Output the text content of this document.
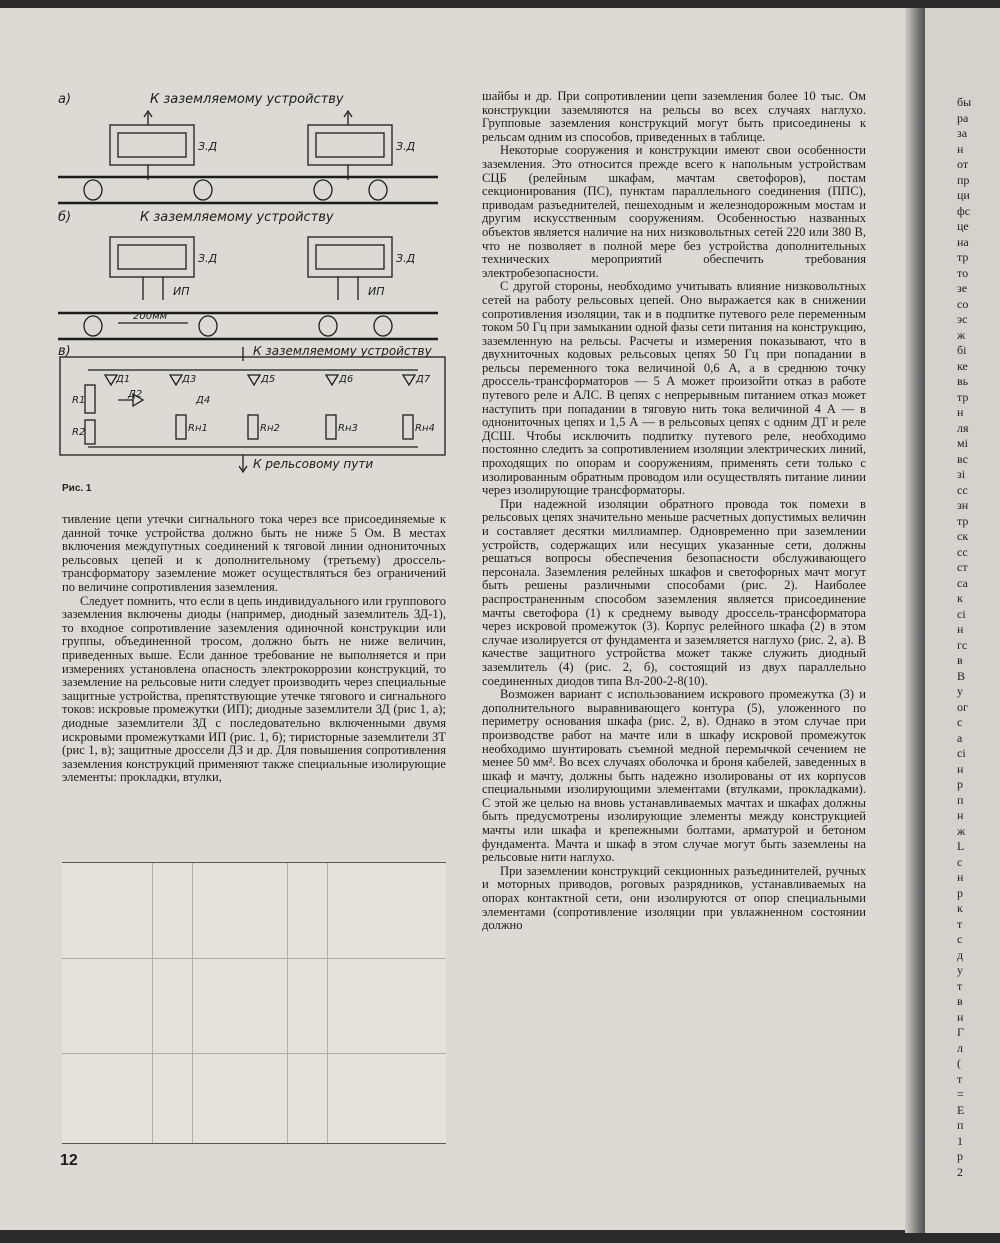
бы
ра
за
н
от
пр
ци
фс
це
на
тр
то
зе
со
эс
ж
бі
ке
вь
тр
н
ля
мі
вс
зі
сс
зн
тр
ск
сс
ст
са
к
сі
н
гс
в
В
у
ог
с
а
сі
н
р
п
н
ж
L
с
н
р
к
т
с
д
у
т
в
н
Г
л
(
т
=
Е
п
1
р
2
а)	К заземляемому устройству
З.Д	З.Д
б)	К заземляемому устройству
З.Д	З.Д
ИП	ИП
200мм
в)	К заземляемому устройству
К рельсовому пути
Д1
Д2
Д3
Д4
Д5	Д6	Д7
R1
R2	Rн1	Rн2	Rн3	Rн4
Рис. 1

тивление цепи утечки сигнального тока через все присоединяемые к данной точке устройства должно быть не ниже 5 Ом. В местах включения междупутных соединений к тяговой линии однониточных рельсовых цепей и к дополнительному (третьему) дроссель-трансформатору заземление может осуществляться без ограничений по величине сопротивления заземления.

Следует помнить, что если в цепь индивидуального или группового заземления включены диоды (например, диодный заземлитель ЗД-1), то входное сопротивление заземления одиночной конструкции или группы, объединенной тросом, должно быть не ниже величин, приведенных выше. Если данное требование не выполняется и при измерениях установлена опасность электрокоррозии конструкций, то заземление на рельсовые нити следует производить через специальные защитные устройства, препятствующие утечке тягового и сигнального токов: искровые промежутки (ИП); диодные заземлители ЗД (рис 1, а); диодные заземлители ЗД с последовательно включенными двумя искровыми промежутками ИП (рис. 1, б); тиристорные заземлители ЗТ (рис 1, в); защитные дроссели ДЗ и др. Для повышения сопротивления заземления конструкций применяют также специальные изолирующие элементы: прокладки, втулки,

шайбы и др. При сопротивлении цепи заземления более 10 тыс. Ом конструкции заземляются на рельсы во всех случаях наглухо. Групповые заземления конструкций могут быть присоединены к рельсам одним из способов, приведенных в таблице.

Некоторые сооружения и конструкции имеют свои особенности заземления. Это относится прежде всего к напольным устройствам СЦБ (релейным шкафам, мачтам светофоров), постам секционирования (ПС), пунктам параллельного соединения (ППС), приводам разъеднителей, пешеходным и железнодорожным мостам и другим искусственным сооружениям. Особенностью названных объектов является наличие на них низковольтных сетей 220 или 380 В, что не позволяет в полной мере без устройства дополнительных технических мероприятий обеспечить требования электробезопасности.

С другой стороны, необходимо учитывать влияние низковольтных сетей на работу рельсовых цепей. Оно выражается как в снижении сопротивления изоляции, так и в подпитке путевого реле переменным током 50 Гц при замыкании одной фазы сети питания на конструкцию, заземленную на рельсы. Расчеты и измерения показывают, что в двухниточных кодовых рельсовых цепях 50 Гц при попадании в рельсы переменного тока величиной 0,6 А, а в среднюю точку дроссель-трансформаторов — 5 А может произойти отказ в работе путевого реле и АЛС. В цепях с непрерывным питанием отказ может наступить при попадании в тяговую нить тока величиной 4 А — в однониточных цепях и 1,5 А — в рельсовых цепях с одним ДТ и реле ДСШ. Чтобы исключить подпитку путевого реле, необходимо постоянно следить за сопротивлением изоляции электрических линий, проходящих по опорам и сооружениям, применять сети только с изолированным обратным проводом или осуществлять питание линии через изолирующие трансформаторы.

При надежной изоляции обратного провода ток помехи в рельсовых цепях значительно меньше расчетных допустимых величин и составляет десятки миллиампер. Одновременно при заземлении устройств, содержащих или несущих указанные сети, должны решаться вопросы обеспечения безопасности обслуживающего персонала. Заземления релейных шкафов и светофорных мачт могут быть решены различными способами (рис. 2). Наиболее распространенным способом заземления является присоединение мачты светофора (1) к среднему выводу дроссель-трансформатора через искровой промежуток (3). Корпус релейного шкафа (2) в этом случае изолируется от фундамента и заземляется наглухо (рис. 2, а). В качестве защитного устройства может также служить диодный заземлитель (4) (рис. 2, б), состоящий из двух параллельно соединенных диодов типа Вл-200-2-8(10).

Возможен вариант с использованием искрового промежутка (3) и дополнительного выравнивающего контура (5), уложенного по периметру основания шкафа (рис. 2, в). Однако в этом случае при производстве работ на мачте или в шкафу искровой промежуток необходимо шунтировать съемной медной перемычкой сечением не менее 50 мм². Во всех случаях оболочка и броня кабелей, заведенных в шкаф и мачту, должны быть надежно изолированы от их корпусов специальными изолирующими элементами (втулками, прокладками). С этой же целью на вновь устанавливаемых мачтах и шкафах должны быть предусмотрены изолирующие элементы между конструкцией мачты или шкафа и крепежными болтами, арматурой и бетоном фундамента. Мачта и шкаф в этом случае могут быть заземлены на рельсовые нити наглухо.

При заземлении конструкций секционных разъединителей, ручных и моторных приводов, роговых разрядников, устанавливаемых на опорах контактной сети, они изолируются от опор специальными элементами (сопротивление изоляции при увлажненном состоянии должно

12
